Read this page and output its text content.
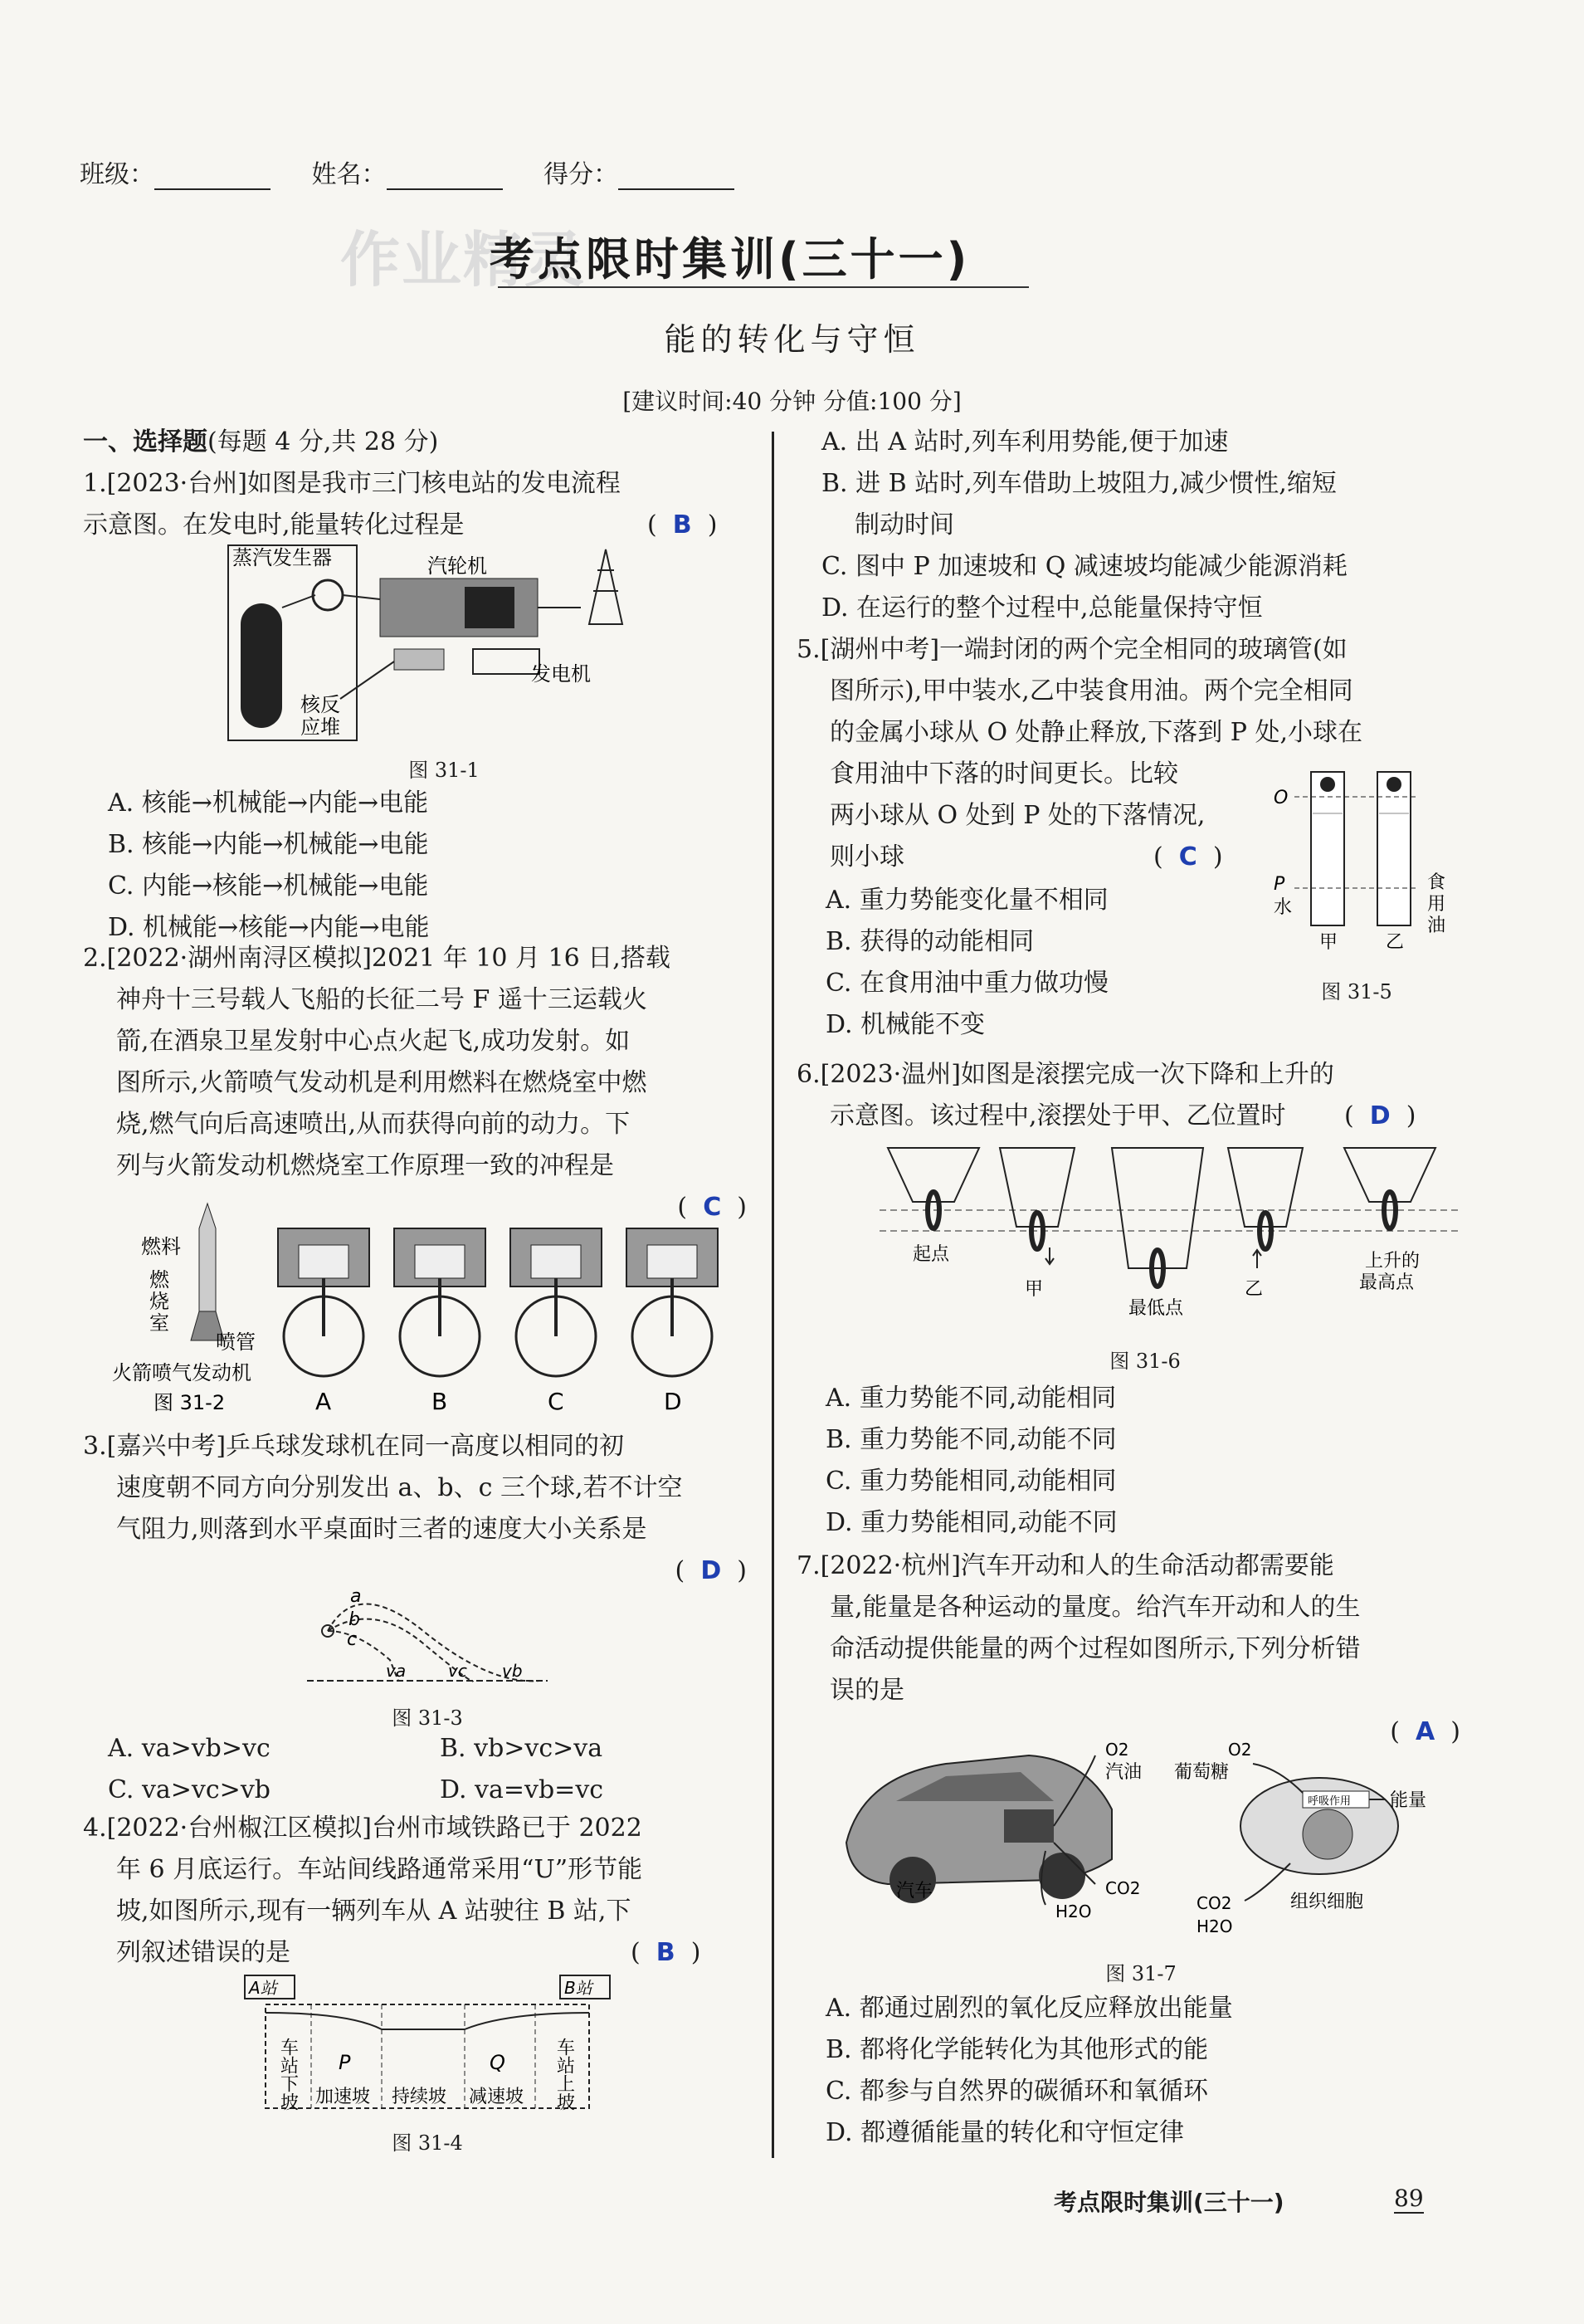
班级：	姓名：	得分：
作业精灵
考点限时集训(三十一)
能的转化与守恒
[建议时间:40 分钟 分值:100 分]
一、选择题(每题 4 分,共 28 分)
1.[2023·台州]如图是我市三门核电站的发电流程
示意图。在发电时,能量转化过程是	(  B  )
蒸汽发生器	汽轮机
发电机
核反
应堆
图 31-1
A. 核能→机械能→内能→电能
B. 核能→内能→机械能→电能
C. 内能→核能→机械能→电能
D. 机械能→核能→内能→电能
2.[2022·湖州南浔区模拟]2021 年 10 月 16 日,搭载
神舟十三号载人飞船的长征二号 F 遥十三运载火
箭,在酒泉卫星发射中心点火起飞,成功发射。如
图所示,火箭喷气发动机是利用燃料在燃烧室中燃
烧,燃气向后高速喷出,从而获得向前的动力。下
列与火箭发动机燃烧室工作原理一致的冲程是
(  C  )
燃料
燃
烧
室
喷管
火箭喷气发动机
图 31-2	A	B	C	D
3.[嘉兴中考]乒乓球发球机在同一高度以相同的初
速度朝不同方向分别发出 a、b、c 三个球,若不计空
气阻力,则落到水平桌面时三者的速度大小关系是
(  D  )
a
b
c
va	vc vb
图 31-3
A. va>vb>vc	B. vb>vc>va
C. va>vc>vb	D. va=vb=vc
4.[2022·台州椒江区模拟]台州市域铁路已于 2022
年 6 月底运行。车站间线路通常采用“U”形节能
坡,如图所示,现有一辆列车从 A 站驶往 B 站,下
列叙述错误的是	(  B  )
A站	B站
车站下坡 P
加速坡 持续坡
Q
减速坡 车站上坡
图 31-4
A. 出 A 站时,列车利用势能,便于加速
B. 进 B 站时,列车借助上坡阻力,减少惯性,缩短
制动时间
C. 图中 P 加速坡和 Q 减速坡均能减少能源消耗
D. 在运行的整个过程中,总能量保持守恒
5.[湖州中考]一端封闭的两个完全相同的玻璃管(如
图所示),甲中装水,乙中装食用油。两个完全相同
的金属小球从 O 处静止释放,下落到 P 处,小球在
食用油中下落的时间更长。比较
两小球从 O 处到 P 处的下落情况,
则小球	(  C  )
O
P
水
甲	乙
食
用
油
图 31-5
A. 重力势能变化量不相同
B. 获得的动能相同
C. 在食用油中重力做功慢
D. 机械能不变
6.[2023·温州]如图是滚摆完成一次下降和上升的
示意图。该过程中,滚摆处于甲、乙位置时 (  D  )
起点
甲
最低点
乙
上升的
最高点
图 31-6
A. 重力势能不同,动能相同
B. 重力势能不同,动能不同
C. 重力势能相同,动能相同
D. 重力势能相同,动能不同
7.[2022·杭州]汽车开动和人的生命活动都需要能
量,能量是各种运动的量度。给汽车开动和人的生
命活动提供能量的两个过程如图所示,下列分析错
误的是
(  A  )
O2
汽油
CO2
H2O
汽车
O2
葡萄糖
呼吸作用 能量
CO2
H2O
组织细胞
图 31-7
A. 都通过剧烈的氧化反应释放出能量
B. 都将化学能转化为其他形式的能
C. 都参与自然界的碳循环和氧循环
D. 都遵循能量的转化和守恒定律
考点限时集训(三十一)	89
